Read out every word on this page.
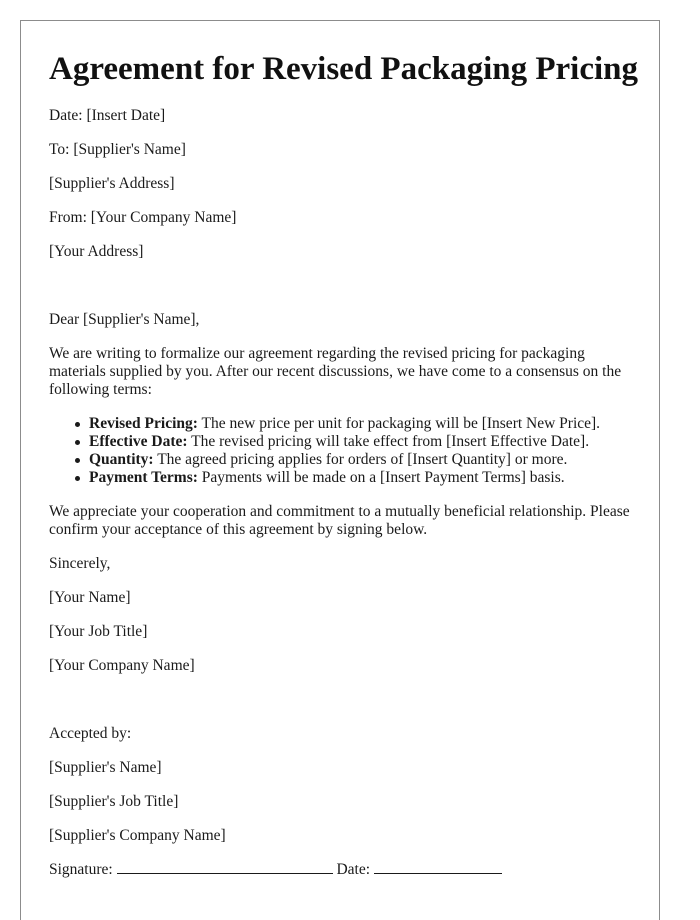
Agreement for Revised Packaging Pricing

Date: [Insert Date]

To: [Supplier's Name]

[Supplier's Address]

From: [Your Company Name]

[Your Address]

Dear [Supplier's Name],

We are writing to formalize our agreement regarding the revised pricing for packaging materials supplied by you. After our recent discussions, we have come to a consensus on the following terms:

Revised Pricing: The new price per unit for packaging will be [Insert New Price].
Effective Date: The revised pricing will take effect from [Insert Effective Date].
Quantity: The agreed pricing applies for orders of [Insert Quantity] or more.
Payment Terms: Payments will be made on a [Insert Payment Terms] basis.

We appreciate your cooperation and commitment to a mutually beneficial relationship. Please confirm your acceptance of this agreement by signing below.

Sincerely,

[Your Name]

[Your Job Title]

[Your Company Name]

Accepted by:

[Supplier's Name]

[Supplier's Job Title]

[Supplier's Company Name]

Signature:	Date:
